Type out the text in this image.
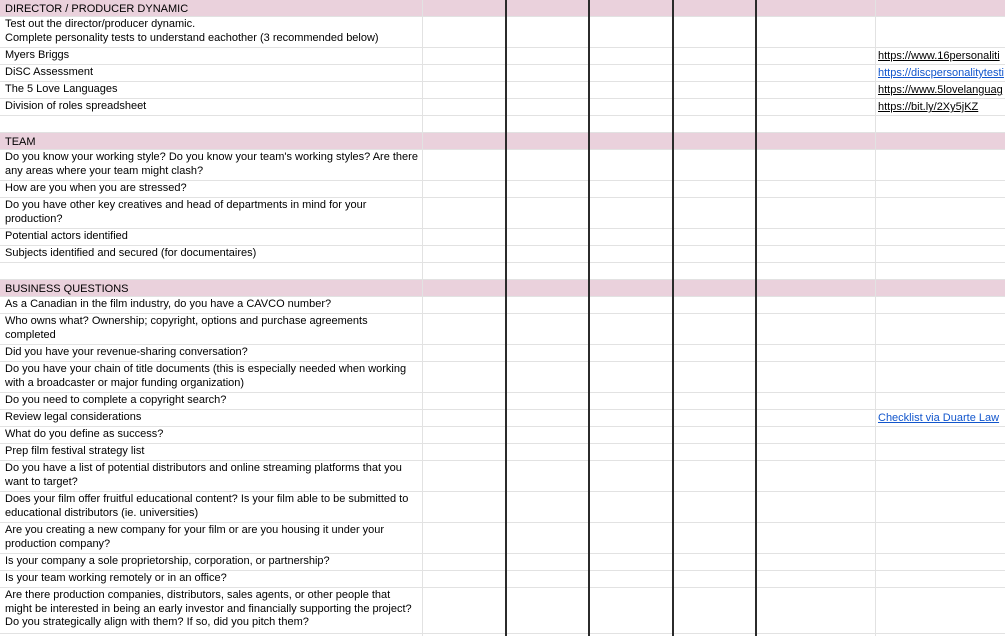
DIRECTOR / PRODUCER DYNAMIC
Test out the director/producer dynamic.
Complete personality tests to understand eachother (3 recommended below)
Myers Briggs	https://www.16personaliti
DiSC Assessment	https://discpersonalitytesti
The 5 Love Languages	https://www.5lovelanguag
Division of roles spreadsheet	https://bit.ly/2Xy5jKZ
TEAM
Do you know your working style? Do you know your team's working styles? Are there any areas where your team might clash?
How are you when you are stressed?
Do you have other key creatives and head of departments in mind for your production?
Potential actors identified
Subjects identified and secured (for documentaires)
BUSINESS QUESTIONS
As a Canadian in the film industry, do you have a CAVCO number?
Who owns what? Ownership; copyright, options and purchase agreements completed
Did you have your revenue-sharing conversation?
Do you have your chain of title documents (this is especially needed when working with a broadcaster or major funding organization)
Do you need to complete a copyright search?
Review legal considerations	Checklist via Duarte Law
What do you define as success?
Prep film festival strategy list
Do you have a list of potential distributors and online streaming platforms that you want to target?
Does your film offer fruitful educational content? Is your film able to be submitted to educational distributors (ie. universities)
Are you creating a new company for your film or are you housing it under your production company?
Is your company a sole proprietorship, corporation, or partnership?
Is your team working remotely or in an office?
Are there production companies, distributors, sales agents, or other people that might be interested in being an early investor and financially supporting the project? Do you strategically align with them? If so, did you pitch them?
